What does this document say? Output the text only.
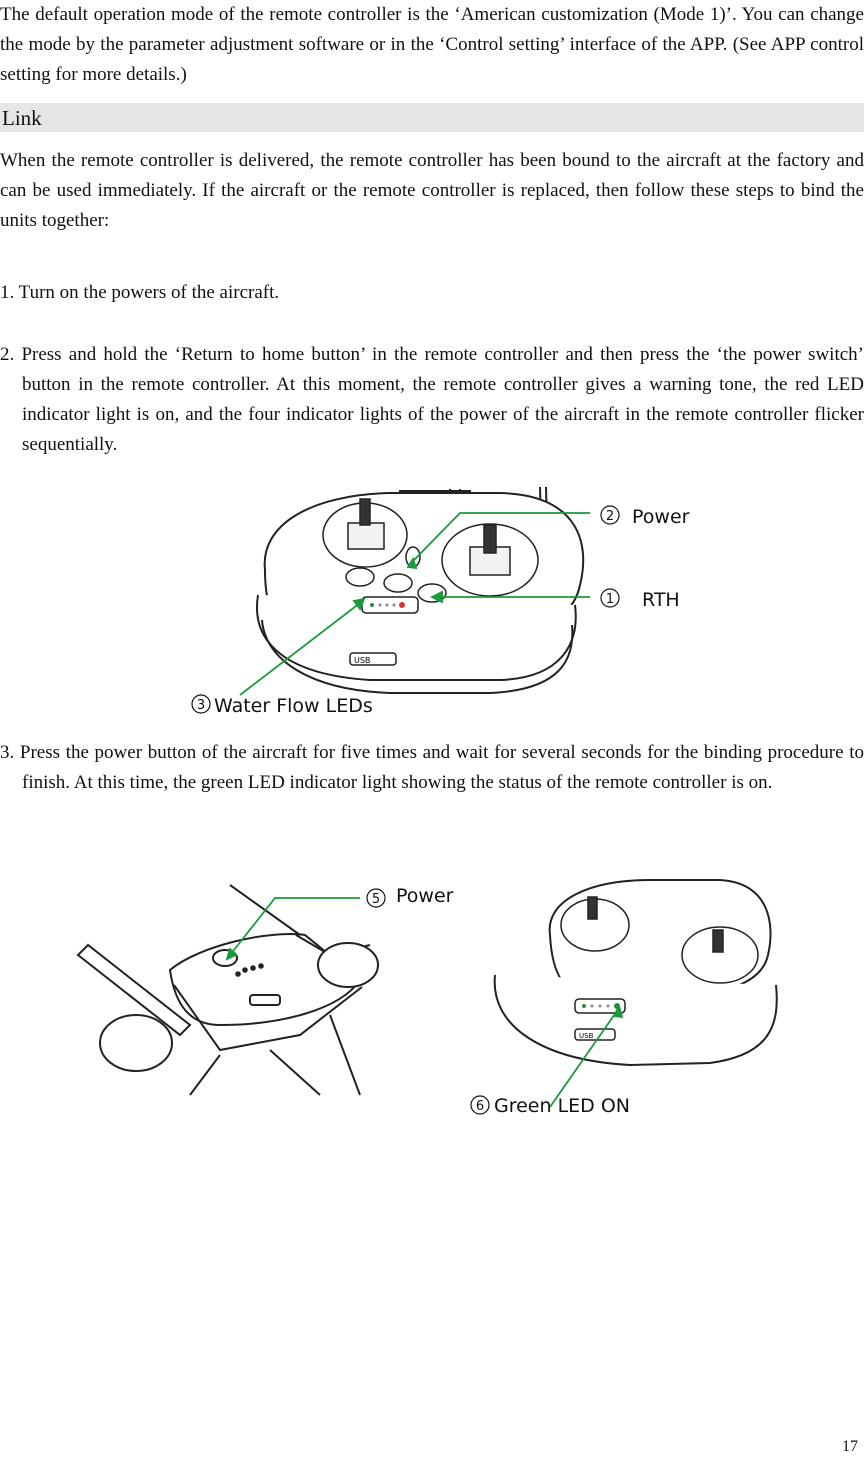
The default operation mode of the remote controller is the ‘American customization (Mode 1)’. You can change the mode by the parameter adjustment software or in the ‘Control setting’ interface of the APP. (See APP control setting for more details.)

Link

When the remote controller is delivered, the remote controller has been bound to the aircraft at the factory and can be used immediately. If the aircraft or the remote controller is replaced, then follow these steps to bind the units together:

1. Turn on the powers of the aircraft.

2. Press and hold the ‘Return to home button’ in the remote controller and then press the ‘the power switch’ button in the remote controller. At this moment, the remote controller gives a warning tone, the red LED indicator light is on, and the four indicator lights of the power of the aircraft in the remote controller flicker sequentially.

USB
2 Power
1 RTH
3 Water Flow LEDs

3. Press the power button of the aircraft for five times and wait for several seconds for the binding procedure to finish. At this time, the green LED indicator light showing the status of the remote controller is on.

USB
5 Power
6 Green LED ON
17
